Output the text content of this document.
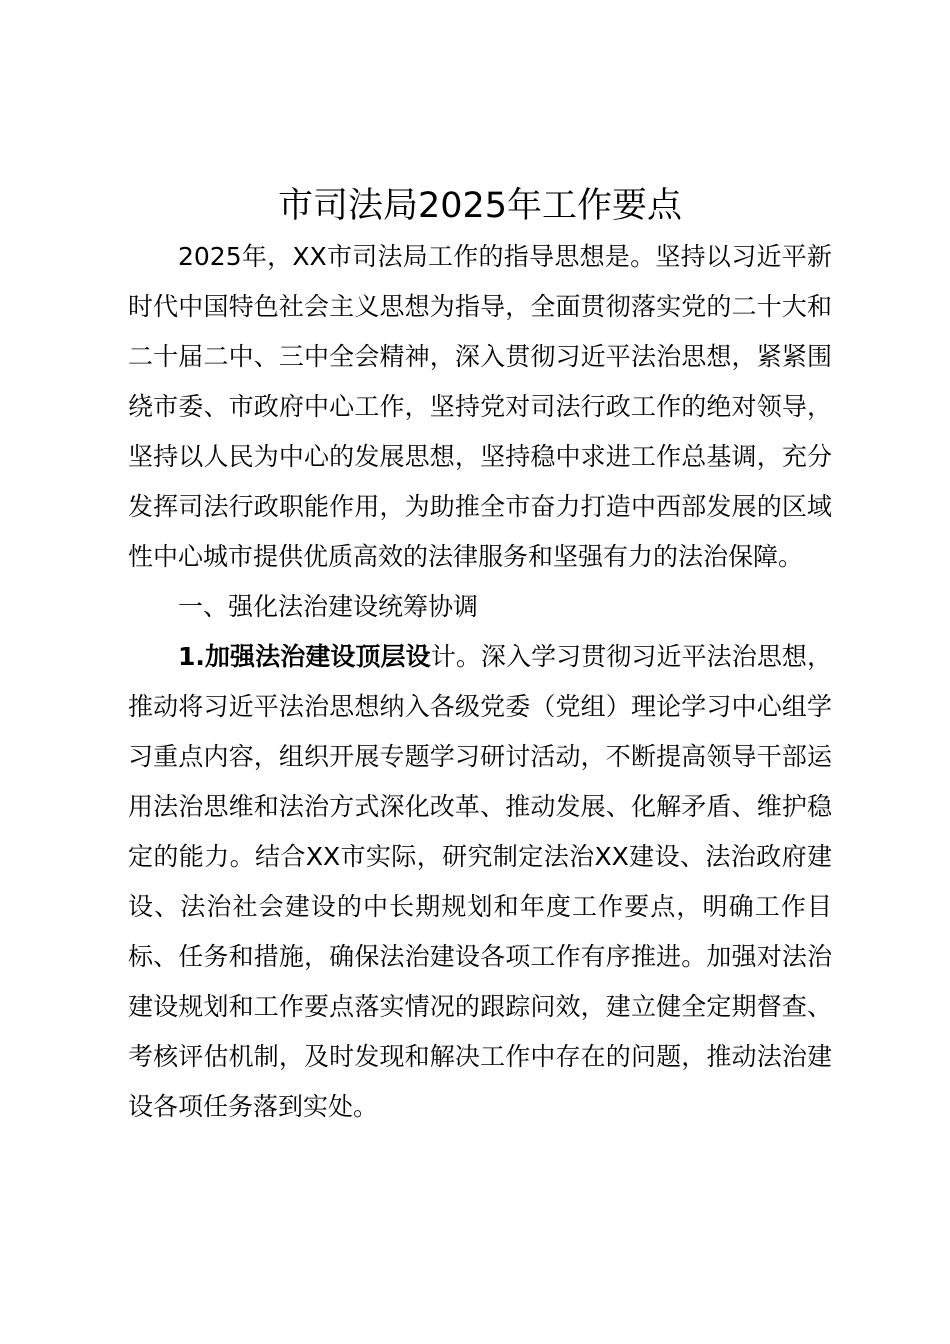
市司法局2025年工作要点

2025年，XX市司法局工作的指导思想是。坚持以习近平新时代中国特色社会主义思想为指导，全面贯彻落实党的二十大和二十届二中、三中全会精神，深入贯彻习近平法治思想，紧紧围绕市委、市政府中心工作，坚持党对司法行政工作的绝对领导，坚持以人民为中心的发展思想，坚持稳中求进工作总基调，充分发挥司法行政职能作用，为助推全市奋力打造中西部发展的区域性中心城市提供优质高效的法律服务和坚强有力的法治保障。

一、强化法治建设统筹协调

1.加强法治建设顶层设计。深入学习贯彻习近平法治思想，推动将习近平法治思想纳入各级党委（党组）理论学习中心组学习重点内容，组织开展专题学习研讨活动，不断提高领导干部运用法治思维和法治方式深化改革、推动发展、化解矛盾、维护稳定的能力。结合XX市实际，研究制定法治XX建设、法治政府建设、法治社会建设的中长期规划和年度工作要点，明确工作目标、任务和措施，确保法治建设各项工作有序推进。加强对法治建设规划和工作要点落实情况的跟踪问效，建立健全定期督查、考核评估机制，及时发现和解决工作中存在的问题，推动法治建设各项任务落到实处。
